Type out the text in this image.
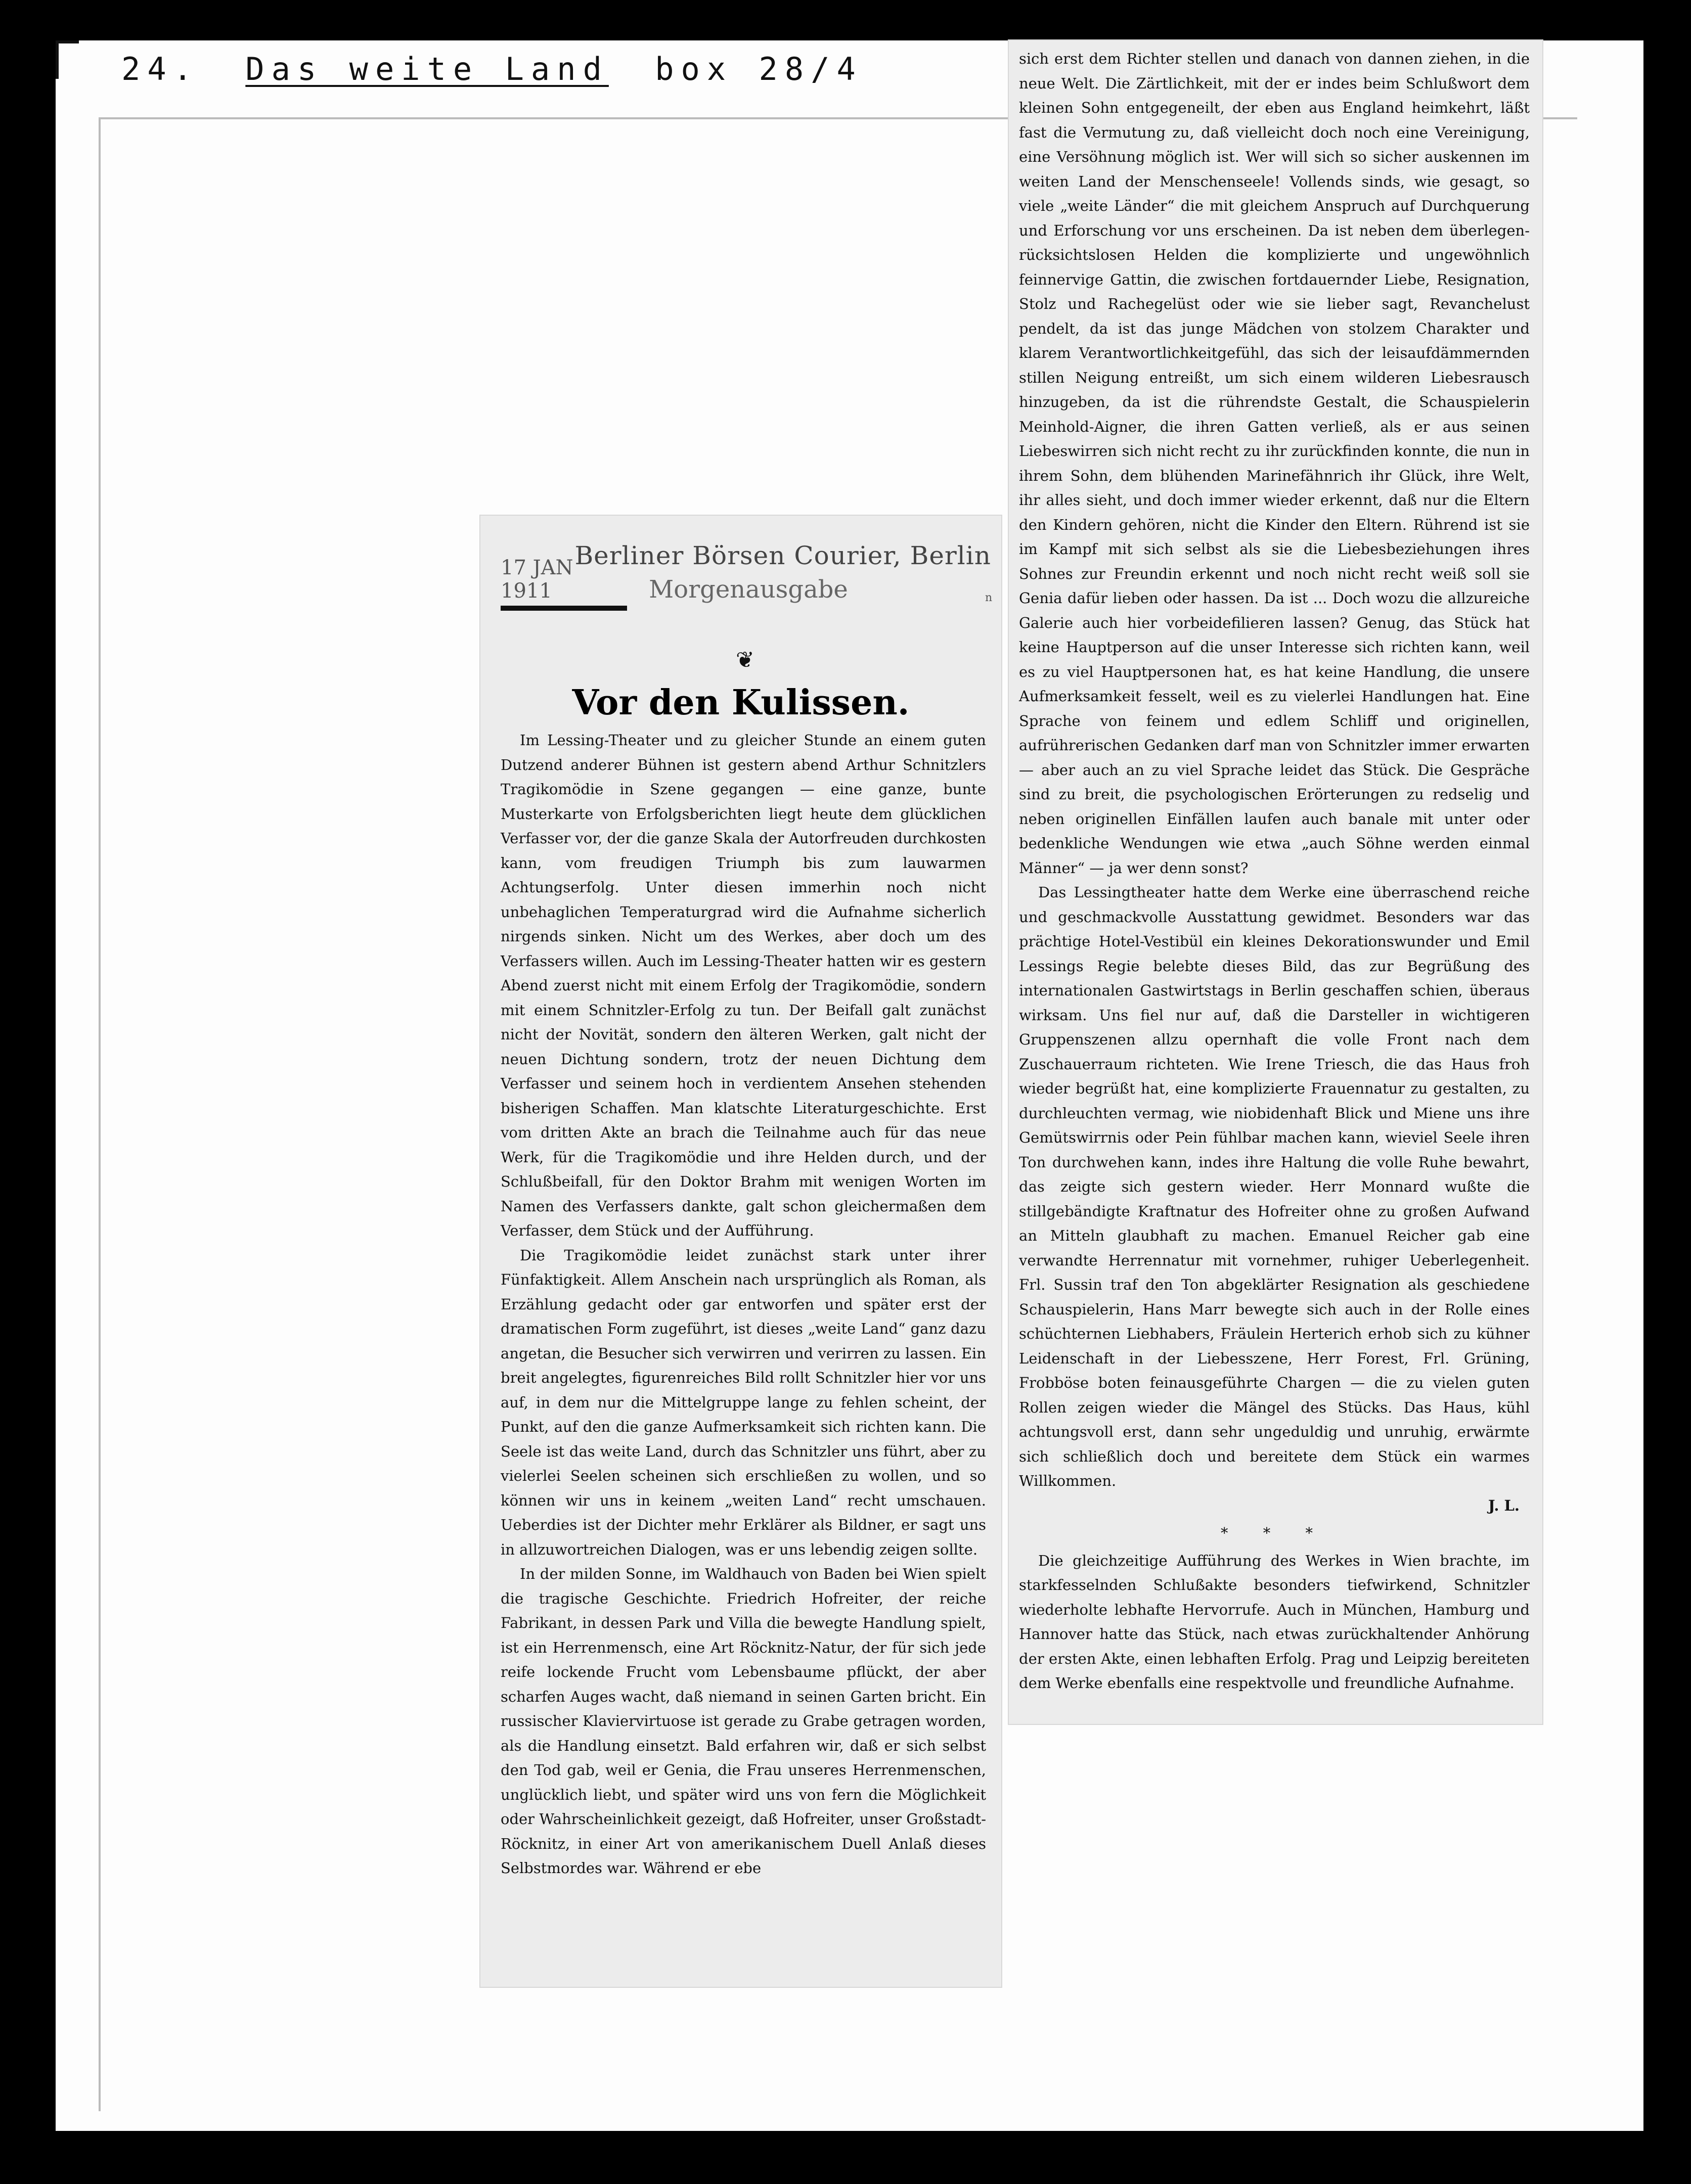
24. Das weite Land box 28/4
17 JAN 1911
Berliner Börsen Courier, Berlin
Morgenausgabe	n
❦
Vor den Kulissen.

Im Lessing-Theater und zu gleicher Stunde an einem guten Dutzend anderer Bühnen ist gestern abend Arthur Schnitzlers Tragikomödie in Szene gegangen — eine ganze, bunte Musterkarte von Erfolgsberichten liegt heute dem glücklichen Verfasser vor, der die ganze Skala der Autorfreuden durchkosten kann, vom freudigen Triumph bis zum lauwarmen Achtungserfolg. Unter diesen immerhin noch nicht unbehaglichen Temperaturgrad wird die Aufnahme sicherlich nirgends sinken. Nicht um des Werkes, aber doch um des Verfassers willen. Auch im Lessing-Theater hatten wir es gestern Abend zuerst nicht mit einem Erfolg der Tragikomödie, sondern mit einem Schnitzler-Erfolg zu tun. Der Beifall galt zunächst nicht der Novität, sondern den älteren Werken, galt nicht der neuen Dichtung sondern, trotz der neuen Dichtung dem Verfasser und seinem hoch in verdientem Ansehen stehenden bisherigen Schaffen. Man klatschte Literaturgeschichte. Erst vom dritten Akte an brach die Teilnahme auch für das neue Werk, für die Tragikomödie und ihre Helden durch, und der Schlußbeifall, für den Doktor Brahm mit wenigen Worten im Namen des Verfassers dankte, galt schon gleichermaßen dem Verfasser, dem Stück und der Aufführung.

Die Tragikomödie leidet zunächst stark unter ihrer Fünfaktigkeit. Allem Anschein nach ursprünglich als Roman, als Erzählung gedacht oder gar entworfen und später erst der dramatischen Form zugeführt, ist dieses „weite Land“ ganz dazu angetan, die Besucher sich verwirren und verirren zu lassen. Ein breit angelegtes, figurenreiches Bild rollt Schnitzler hier vor uns auf, in dem nur die Mittelgruppe lange zu fehlen scheint, der Punkt, auf den die ganze Aufmerksamkeit sich richten kann. Die Seele ist das weite Land, durch das Schnitzler uns führt, aber zu vielerlei Seelen scheinen sich erschließen zu wollen, und so können wir uns in keinem „weiten Land“ recht umschauen. Ueberdies ist der Dichter mehr Erklärer als Bildner, er sagt uns in allzuwortreichen Dialogen, was er uns lebendig zeigen sollte.

In der milden Sonne, im Waldhauch von Baden bei Wien spielt die tragische Geschichte. Friedrich Hofreiter, der reiche Fabrikant, in dessen Park und Villa die bewegte Handlung spielt, ist ein Herrenmensch, eine Art Röcknitz-Natur, der für sich jede reife lockende Frucht vom Lebensbaume pflückt, der aber scharfen Auges wacht, daß niemand in seinen Garten bricht. Ein russischer Klaviervirtuose ist gerade zu Grabe getragen worden, als die Handlung einsetzt. Bald erfahren wir, daß er sich selbst den Tod gab, weil er Genia, die Frau unseres Herrenmenschen, unglücklich liebt, und später wird uns von fern die Möglichkeit oder Wahrscheinlichkeit gezeigt, daß Hofreiter, unser Großstadt-Röcknitz, in einer Art von amerikanischem Duell Anlaß dieses Selbstmordes war. Während er ebe

sich erst dem Richter stellen und danach von dannen ziehen, in die neue Welt. Die Zärtlichkeit, mit der er indes beim Schlußwort dem kleinen Sohn entgegeneilt, der eben aus England heimkehrt, läßt fast die Vermutung zu, daß vielleicht doch noch eine Vereinigung, eine Versöhnung möglich ist. Wer will sich so sicher auskennen im weiten Land der Menschenseele! Vollends sinds, wie gesagt, so viele „weite Länder“ die mit gleichem Anspruch auf Durchquerung und Erforschung vor uns erscheinen. Da ist neben dem überlegen-rücksichtslosen Helden die komplizierte und ungewöhnlich feinnervige Gattin, die zwischen fortdauernder Liebe, Resignation, Stolz und Rachegelüst oder wie sie lieber sagt, Revanchelust pendelt, da ist das junge Mädchen von stolzem Charakter und klarem Verantwortlichkeitgefühl, das sich der leisaufdämmernden stillen Neigung entreißt, um sich einem wilderen Liebesrausch hinzugeben, da ist die rührendste Gestalt, die Schauspielerin Meinhold-Aigner, die ihren Gatten verließ, als er aus seinen Liebeswirren sich nicht recht zu ihr zurückfinden konnte, die nun in ihrem Sohn, dem blühenden Marinefähnrich ihr Glück, ihre Welt, ihr alles sieht, und doch immer wieder erkennt, daß nur die Eltern den Kindern gehören, nicht die Kinder den Eltern. Rührend ist sie im Kampf mit sich selbst als sie die Liebesbeziehungen ihres Sohnes zur Freundin erkennt und noch nicht recht weiß soll sie Genia dafür lieben oder hassen. Da ist ... Doch wozu die allzureiche Galerie auch hier vorbeidefilieren lassen? Genug, das Stück hat keine Hauptperson auf die unser Interesse sich richten kann, weil es zu viel Hauptpersonen hat, es hat keine Handlung, die unsere Aufmerksamkeit fesselt, weil es zu vielerlei Handlungen hat. Eine Sprache von feinem und edlem Schliff und originellen, aufrührerischen Gedanken darf man von Schnitzler immer erwarten — aber auch an zu viel Sprache leidet das Stück. Die Gespräche sind zu breit, die psychologischen Erörterungen zu redselig und neben originellen Einfällen laufen auch banale mit unter oder bedenkliche Wendungen wie etwa „auch Söhne werden einmal Männer“ — ja wer denn sonst?

Das Lessingtheater hatte dem Werke eine überraschend reiche und geschmackvolle Ausstattung gewidmet. Besonders war das prächtige Hotel-Vestibül ein kleines Dekorationswunder und Emil Lessings Regie belebte dieses Bild, das zur Begrüßung des internationalen Gastwirtstags in Berlin geschaffen schien, überaus wirksam. Uns fiel nur auf, daß die Darsteller in wichtigeren Gruppenszenen allzu opernhaft die volle Front nach dem Zuschauerraum richteten. Wie Irene Triesch, die das Haus froh wieder begrüßt hat, eine komplizierte Frauennatur zu gestalten, zu durchleuchten vermag, wie niobidenhaft Blick und Miene uns ihre Gemütswirrnis oder Pein fühlbar machen kann, wieviel Seele ihren Ton durchwehen kann, indes ihre Haltung die volle Ruhe bewahrt, das zeigte sich gestern wieder. Herr Monnard wußte die stillgebändigte Kraftnatur des Hofreiter ohne zu großen Aufwand an Mitteln glaubhaft zu machen. Emanuel Reicher gab eine verwandte Herrennatur mit vornehmer, ruhiger Ueberlegenheit. Frl. Sussin traf den Ton abgeklärter Resignation als geschiedene Schauspielerin, Hans Marr bewegte sich auch in der Rolle eines schüchternen Liebhabers, Fräulein Herterich erhob sich zu kühner Leidenschaft in der Liebesszene, Herr Forest, Frl. Grüning, Frobböse boten feinausgeführte Chargen — die zu vielen guten Rollen zeigen wieder die Mängel des Stücks. Das Haus, kühl achtungsvoll erst, dann sehr ungeduldig und unruhig, erwärmte sich schließlich doch und bereitete dem Stück ein warmes Willkommen.

J. L.
* * *

Die gleichzeitige Aufführung des Werkes in Wien brachte, im starkfesselnden Schlußakte besonders tiefwirkend, Schnitzler wiederholte lebhafte Hervorrufe. Auch in München, Hamburg und Hannover hatte das Stück, nach etwas zurückhaltender Anhörung der ersten Akte, einen lebhaften Erfolg. Prag und Leipzig bereiteten dem Werke ebenfalls eine respektvolle und freundliche Aufnahme.
